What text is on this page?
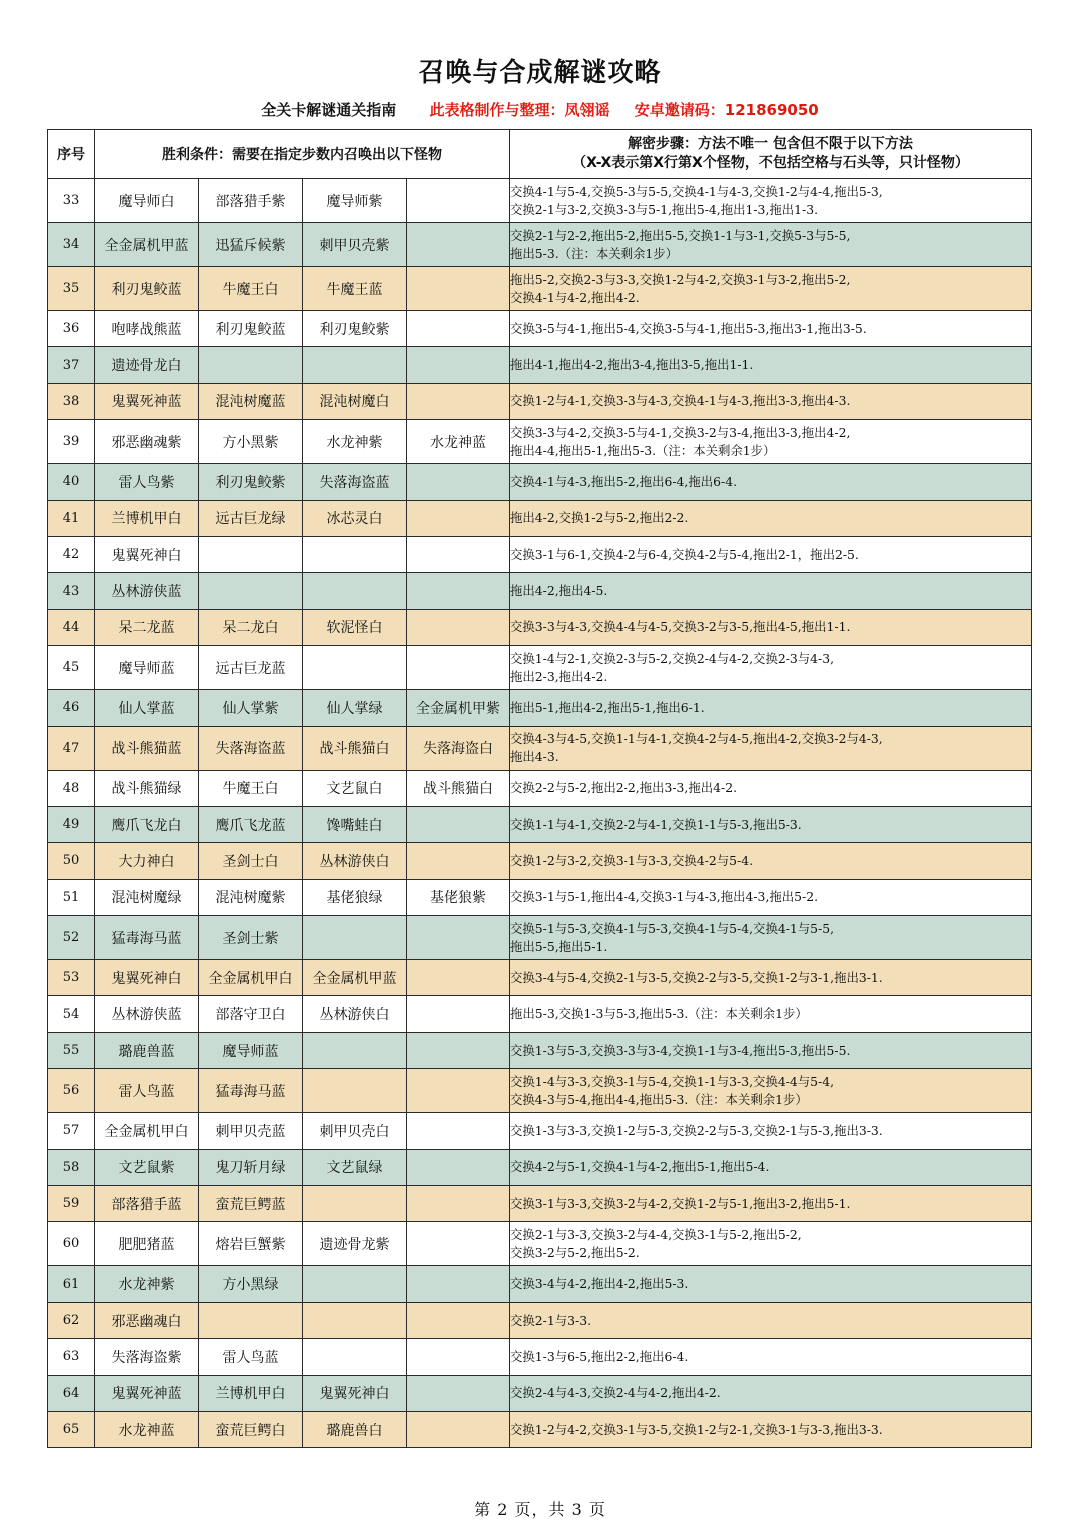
召唤与合成解谜攻略
全关卡解谜通关指南 此表格制作与整理：凤翎谣 安卓邀请码：121869050
序号	胜利条件：需要在指定步数内召唤出以下怪物				解密步骤：方法不唯一 包含但不限于以下方法
（X-X表示第X行第X个怪物，不包括空格与石头等，只计怪物）

33	魔导师白	部落猎手紫	魔导师紫		交换4-1与5-4,交换5-3与5-5,交换4-1与4-3,交换1-2与4-4,拖出5-3,
交换2-1与3-2,交换3-3与5-1,拖出5-4,拖出1-3,拖出1-3.
34	全金属机甲蓝	迅猛斥候紫	刺甲贝壳紫		交换2-1与2-2,拖出5-2,拖出5-5,交换1-1与3-1,交换5-3与5-5,
拖出5-3.（注：本关剩余1步）
35	利刃鬼鲛蓝	牛魔王白	牛魔王蓝		拖出5-2,交换2-3与3-3,交换1-2与4-2,交换3-1与3-2,拖出5-2,
交换4-1与4-2,拖出4-2.
36	咆哮战熊蓝	利刃鬼鲛蓝	利刃鬼鲛紫		交换3-5与4-1,拖出5-4,交换3-5与4-1,拖出5-3,拖出3-1,拖出3-5.
37	遗迹骨龙白				拖出4-1,拖出4-2,拖出3-4,拖出3-5,拖出1-1.
38	鬼翼死神蓝	混沌树魔蓝	混沌树魔白		交换1-2与4-1,交换3-3与4-3,交换4-1与4-3,拖出3-3,拖出4-3.
39	邪恶幽魂紫	方小黑紫	水龙神紫	水龙神蓝	交换3-3与4-2,交换3-5与4-1,交换3-2与3-4,拖出3-3,拖出4-2,
拖出4-4,拖出5-1,拖出5-3.（注：本关剩余1步）
40	雷人鸟紫	利刃鬼鲛紫	失落海盗蓝		交换4-1与4-3,拖出5-2,拖出6-4,拖出6-4.
41	兰博机甲白	远古巨龙绿	冰芯灵白		拖出4-2,交换1-2与5-2,拖出2-2.
42	鬼翼死神白				交换3-1与6-1,交换4-2与6-4,交换4-2与5-4,拖出2-1，拖出2-5.
43	丛林游侠蓝				拖出4-2,拖出4-5.
44	呆二龙蓝	呆二龙白	软泥怪白		交换3-3与4-3,交换4-4与4-5,交换3-2与3-5,拖出4-5,拖出1-1.
45	魔导师蓝	远古巨龙蓝			交换1-4与2-1,交换2-3与5-2,交换2-4与4-2,交换2-3与4-3,
拖出2-3,拖出4-2.
46	仙人掌蓝	仙人掌紫	仙人掌绿	全金属机甲紫	拖出5-1,拖出4-2,拖出5-1,拖出6-1.
47	战斗熊猫蓝	失落海盗蓝	战斗熊猫白	失落海盗白	交换4-3与4-5,交换1-1与4-1,交换4-2与4-5,拖出4-2,交换3-2与4-3,
拖出4-3.
48	战斗熊猫绿	牛魔王白	文艺鼠白	战斗熊猫白	交换2-2与5-2,拖出2-2,拖出3-3,拖出4-2.
49	鹰爪飞龙白	鹰爪飞龙蓝	馋嘴蛙白		交换1-1与4-1,交换2-2与4-1,交换1-1与5-3,拖出5-3.
50	大力神白	圣剑士白	丛林游侠白		交换1-2与3-2,交换3-1与3-3,交换4-2与5-4.
51	混沌树魔绿	混沌树魔紫	基佬狼绿	基佬狼紫	交换3-1与5-1,拖出4-4,交换3-1与4-3,拖出4-3,拖出5-2.
52	猛毒海马蓝	圣剑士紫			交换5-1与5-3,交换4-1与5-3,交换4-1与5-4,交换4-1与5-5,
拖出5-5,拖出5-1.
53	鬼翼死神白	全金属机甲白	全金属机甲蓝		交换3-4与5-4,交换2-1与3-5,交换2-2与3-5,交换1-2与3-1,拖出3-1.
54	丛林游侠蓝	部落守卫白	丛林游侠白		拖出5-3,交换1-3与5-3,拖出5-3.（注：本关剩余1步）
55	璐鹿兽蓝	魔导师蓝			交换1-3与5-3,交换3-3与3-4,交换1-1与3-4,拖出5-3,拖出5-5.
56	雷人鸟蓝	猛毒海马蓝			交换1-4与3-3,交换3-1与5-4,交换1-1与3-3,交换4-4与5-4,
交换4-3与5-4,拖出4-4,拖出5-3.（注：本关剩余1步）
57	全金属机甲白	刺甲贝壳蓝	刺甲贝壳白		交换1-3与3-3,交换1-2与5-3,交换2-2与5-3,交换2-1与5-3,拖出3-3.
58	文艺鼠紫	鬼刀斩月绿	文艺鼠绿		交换4-2与5-1,交换4-1与4-2,拖出5-1,拖出5-4.
59	部落猎手蓝	蛮荒巨鳄蓝			交换3-1与3-3,交换3-2与4-2,交换1-2与5-1,拖出3-2,拖出5-1.
60	肥肥猪蓝	熔岩巨蟹紫	遗迹骨龙紫		交换2-1与3-3,交换3-2与4-4,交换3-1与5-2,拖出5-2,
交换3-2与5-2,拖出5-2.
61	水龙神紫	方小黑绿			交换3-4与4-2,拖出4-2,拖出5-3.
62	邪恶幽魂白				交换2-1与3-3.
63	失落海盗紫	雷人鸟蓝			交换1-3与6-5,拖出2-2,拖出6-4.
64	鬼翼死神蓝	兰博机甲白	鬼翼死神白		交换2-4与4-3,交换2-4与4-2,拖出4-2.
65	水龙神蓝	蛮荒巨鳄白	璐鹿兽白		交换1-2与4-2,交换3-1与3-5,交换1-2与2-1,交换3-1与3-3,拖出3-3.
第 2 页，共 3 页
